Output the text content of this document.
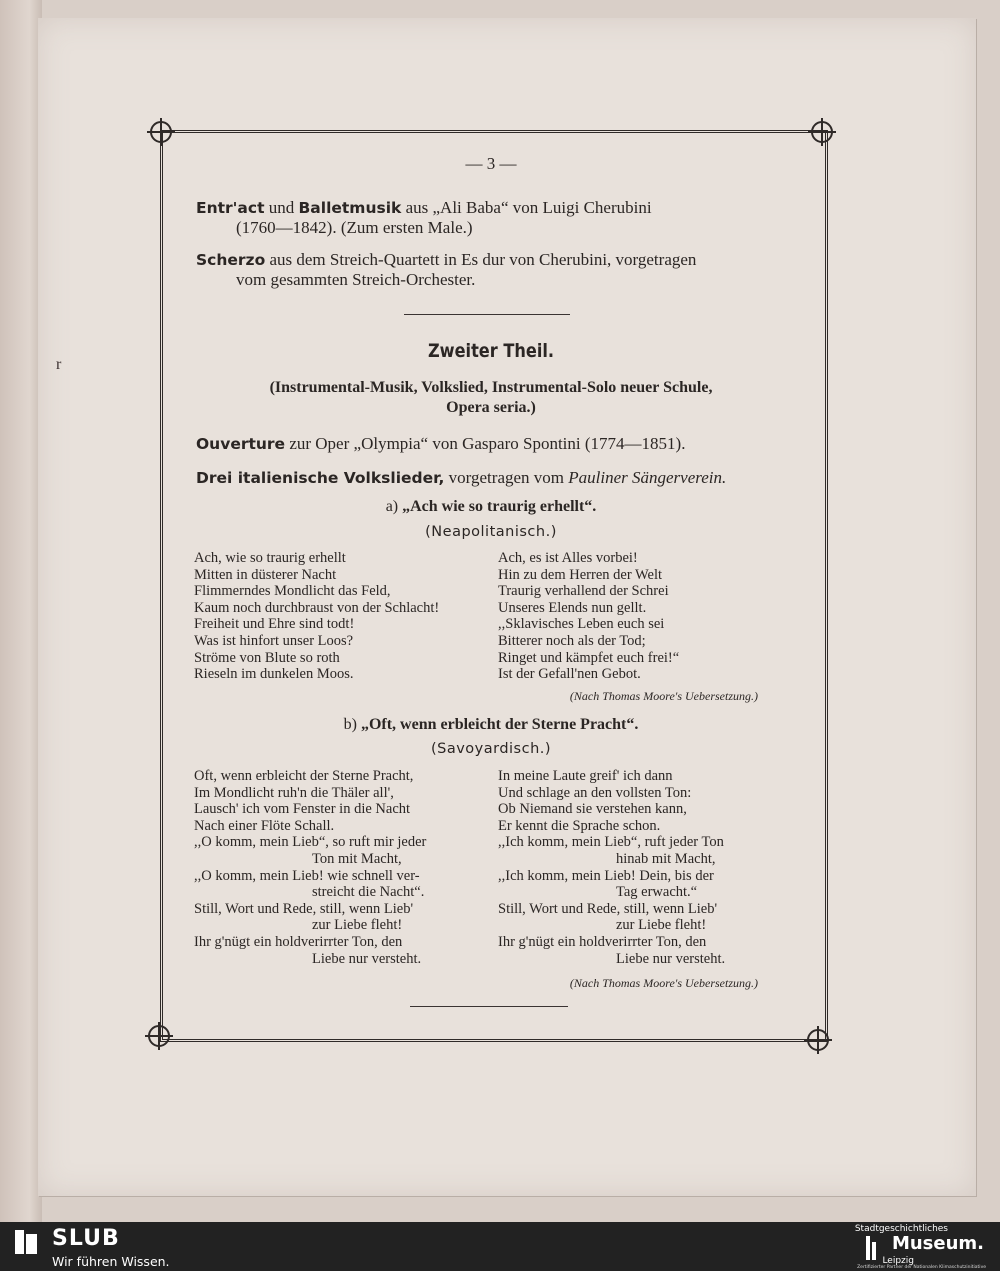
r
— 3 —
Entr'act und Balletmusik aus „Ali Baba“ von Luigi Cherubini
(1760—1842). (Zum ersten Male.)
Scherzo aus dem Streich-Quartett in Es dur von Cherubini, vorgetragen
vom gesammten Streich-Orchester.
Zweiter Theil.
(Instrumental-Musik, Volkslied, Instrumental-Solo neuer Schule,
Opera seria.)
Ouverture zur Oper „Olympia“ von Gasparo Spontini (1774—1851).
Drei italienische Volkslieder, vorgetragen vom Pauliner Sängerverein.
a) „Ach wie so traurig erhellt“.
(Neapolitanisch.)
Ach, wie so traurig erhellt
Mitten in düsterer Nacht
Flimmerndes Mondlicht das Feld,
Kaum noch durchbraust von der Schlacht!
Freiheit und Ehre sind todt!
Was ist hinfort unser Loos?
Ströme von Blute so roth
Rieseln im dunkelen Moos.
Ach, es ist Alles vorbei!
Hin zu dem Herren der Welt
Traurig verhallend der Schrei
Unseres Elends nun gellt.
,,Sklavisches Leben euch sei
Bitterer noch als der Tod;
Ringet und kämpfet euch frei!“
Ist der Gefall'nen Gebot.
(Nach Thomas Moore's Uebersetzung.)
b) „Oft, wenn erbleicht der Sterne Pracht“.
(Savoyardisch.)
Oft, wenn erbleicht der Sterne Pracht,
Im Mondlicht ruh'n die Thäler all',
Lausch' ich vom Fenster in die Nacht
Nach einer Flöte Schall.
,,O komm, mein Lieb“, so ruft mir jeder
Ton mit Macht,
,,O komm, mein Lieb! wie schnell ver-
streicht die Nacht“.
Still, Wort und Rede, still, wenn Lieb'
zur Liebe fleht!
Ihr g'nügt ein holdverirrter Ton, den
Liebe nur versteht.
In meine Laute greif' ich dann
Und schlage an den vollsten Ton:
Ob Niemand sie verstehen kann,
Er kennt die Sprache schon.
,,Ich komm, mein Lieb“, ruft jeder Ton
hinab mit Macht,
,,Ich komm, mein Lieb! Dein, bis der
Tag erwacht.“
Still, Wort und Rede, still, wenn Lieb'
zur Liebe fleht!
Ihr g'nügt ein holdverirrter Ton, den
Liebe nur versteht.
(Nach Thomas Moore's Uebersetzung.)
SLUB
Wir führen Wissen.
Stadtgeschichtliches
Museum.
Leipzig
Zertifizierter Partner der Nationalen Klimaschutzinitiative
